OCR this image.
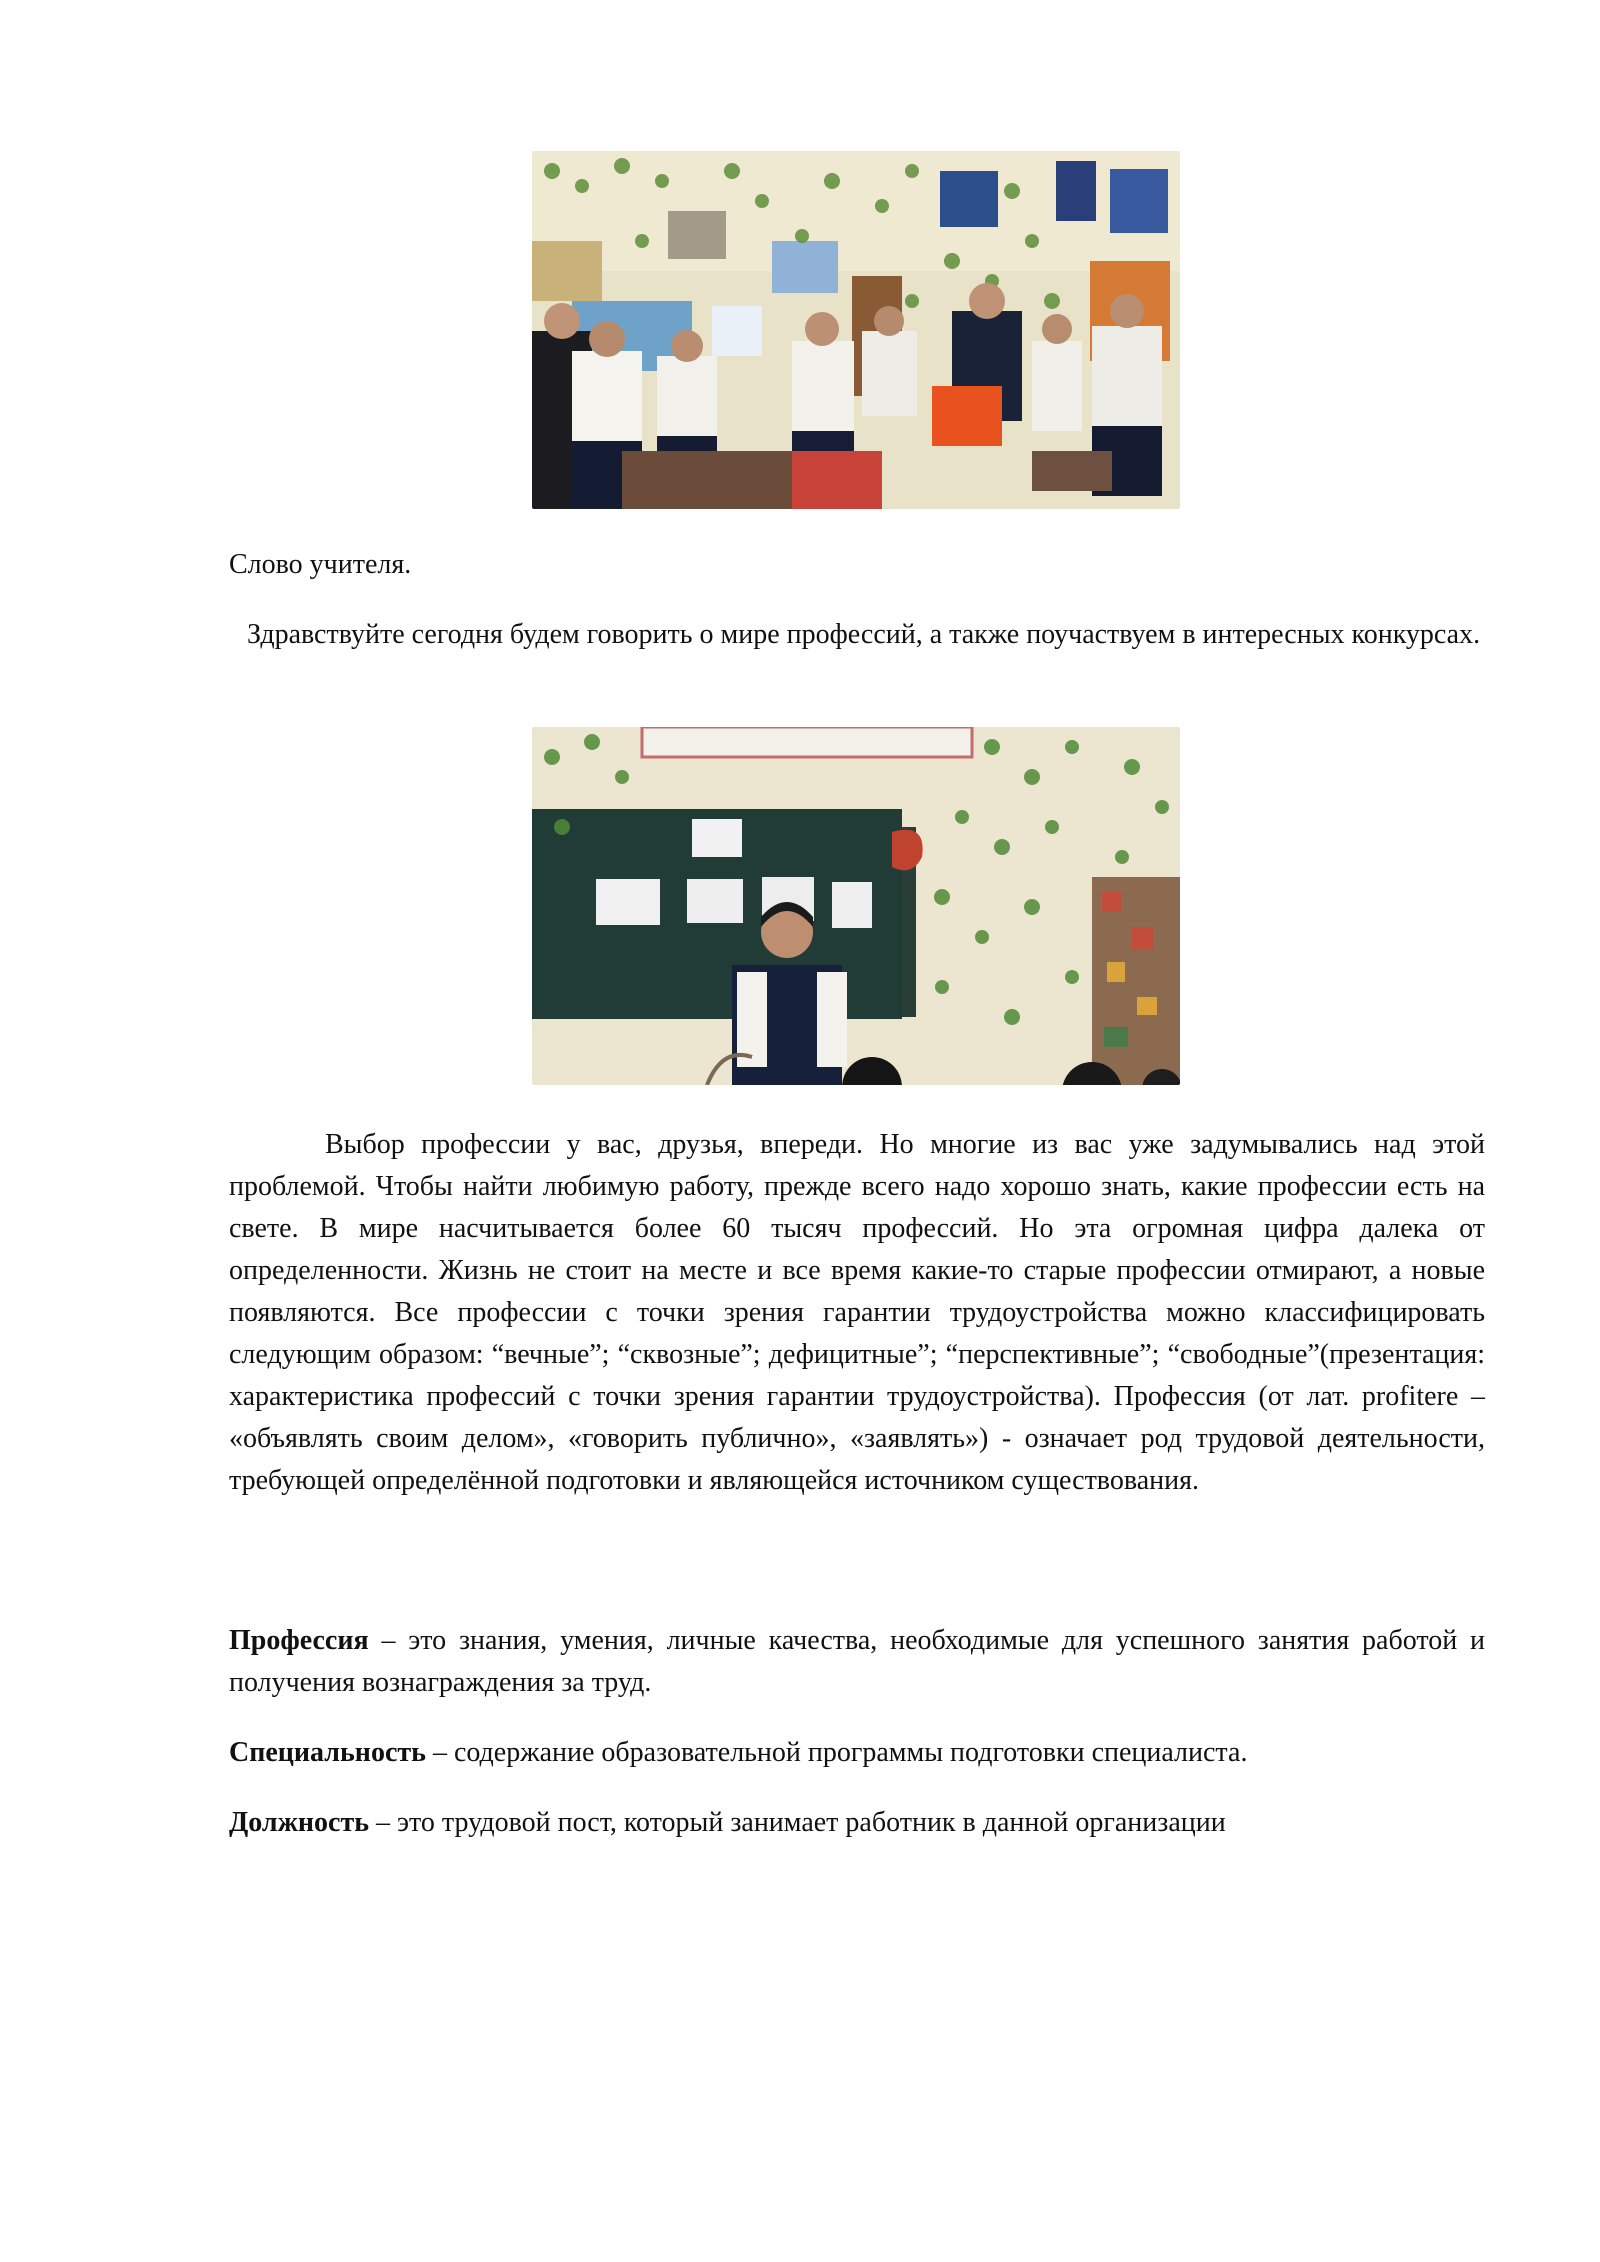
Слово учителя.

Здравствуйте сегодня будем говорить о мире профессий, а также поучаствуем в интересных конкурсах.

Выбор профессии у вас, друзья, впереди. Но многие из вас уже задумывались над этой проблемой. Чтобы найти любимую работу, прежде всего надо хорошо знать, какие профессии есть на свете. В мире насчитывается более 60 тысяч профессий. Но эта огромная цифра далека от определенности. Жизнь не стоит на месте и все время какие-то старые профессии отмирают, а новые появляются. Все профессии с точки зрения гарантии трудоустройства можно классифицировать следующим образом: “вечные”; “сквозные”; дефицитные”; “перспективные”; “свободные”(презентация: характеристика профессий с точки зрения гарантии трудоустройства). Профессия (от лат. profitere – «объявлять своим делом», «говорить публично», «заявлять») - означает род трудовой деятельности, требующей определённой подготовки и являющейся источником существования.

Профессия – это знания, умения, личные качества, необходимые для успешного занятия работой и получения вознаграждения за труд.

Специальность – содержание образовательной программы подготовки специалиста.

Должность – это трудовой пост, который занимает работник в данной организации
